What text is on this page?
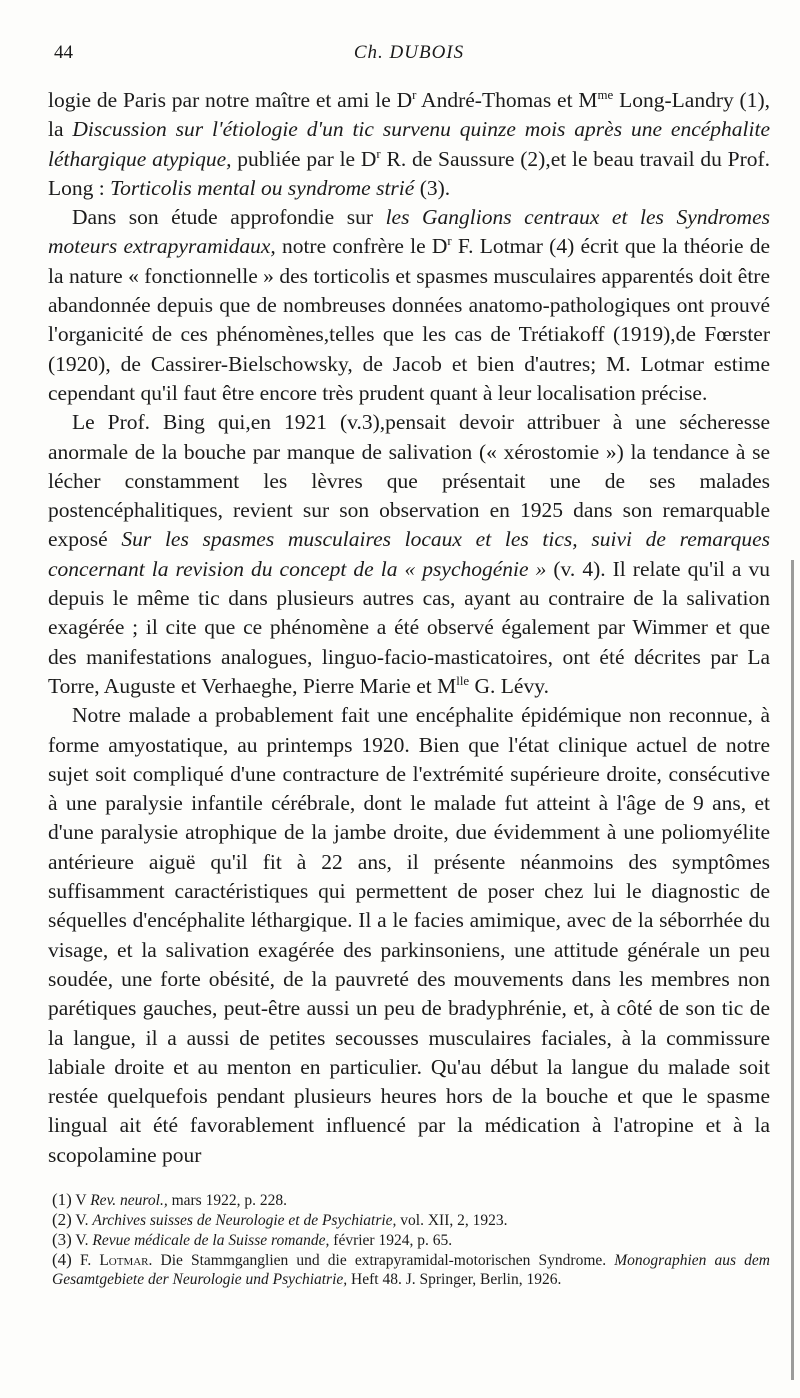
44	Ch. DUBOIS

logie de Paris par notre maître et ami le $D^r$ André-Thomas et $M^{me}$ Long-Landry (1), la Discussion sur l'étiologie d'un tic survenu quinze mois après une encéphalite léthargique atypique, publiée par le $D^r$ R. de Saussure (2),et le beau travail du Prof. Long : Torticolis mental ou syndrome strié (3).

Dans son étude approfondie sur les Ganglions centraux et les Syndromes moteurs extrapyramidaux, notre confrère le $D^r$ F. Lotmar (4) écrit que la théorie de la nature « fonctionnelle » des torticolis et spasmes musculaires apparentés doit être abandonnée depuis que de nombreuses données anatomo-pathologiques ont prouvé l'organicité de ces phénomènes,telles que les cas de Trétiakoff (1919),de Fœrster (1920), de Cassirer-Bielschowsky, de Jacob et bien d'autres; M. Lotmar estime cependant qu'il faut être encore très prudent quant à leur localisation précise.

Le Prof. Bing qui,en 1921 (v.3),pensait devoir attribuer à une sécheresse anormale de la bouche par manque de salivation (« xérostomie ») la tendance à se lécher constamment les lèvres que présentait une de ses malades postencéphalitiques, revient sur son observation en 1925 dans son remarquable exposé Sur les spasmes musculaires locaux et les tics, suivi de remarques concernant la revision du concept de la « psychogénie » (v. 4). Il relate qu'il a vu depuis le même tic dans plusieurs autres cas, ayant au contraire de la salivation exagérée ; il cite que ce phénomène a été observé également par Wimmer et que des manifestations analogues, linguo-facio-masticatoires, ont été décrites par La Torre, Auguste et Verhaeghe, Pierre Marie et $M^{lle}$ G. Lévy.

Notre malade a probablement fait une encéphalite épidémique non reconnue, à forme amyostatique, au printemps 1920. Bien que l'état clinique actuel de notre sujet soit compliqué d'une contracture de l'extrémité supérieure droite, consécutive à une paralysie infantile cérébrale, dont le malade fut atteint à l'âge de 9 ans, et d'une paralysie atrophique de la jambe droite, due évidemment à une poliomyélite antérieure aiguë qu'il fit à 22 ans, il présente néanmoins des symptômes suffisamment caractéristiques qui permettent de poser chez lui le diagnostic de séquelles d'encéphalite léthargique. Il a le facies amimique, avec de la séborrhée du visage, et la salivation exagérée des parkinsoniens, une attitude générale un peu soudée, une forte obésité, de la pauvreté des mouvements dans les membres non parétiques gauches, peut-être aussi un peu de bradyphrénie, et, à côté de son tic de la langue, il a aussi de petites secousses musculaires faciales, à la commissure labiale droite et au menton en particulier. Qu'au début la langue du malade soit restée quelquefois pendant plusieurs heures hors de la bouche et que le spasme lingual ait été favorablement influencé par la médication à l'atropine et à la scopolamine pour

(1) V Rev. neurol., mars 1922, p. 228.

(2) V. Archives suisses de Neurologie et de Psychiatrie, vol. XII, 2, 1923.

(3) V. Revue médicale de la Suisse romande, février 1924, p. 65.

(4) F. Lotmar. Die Stammganglien und die extrapyramidal-motorischen Syndrome. Monographien aus dem Gesamtgebiete der Neurologie und Psychiatrie, Heft 48. J. Springer, Berlin, 1926.
